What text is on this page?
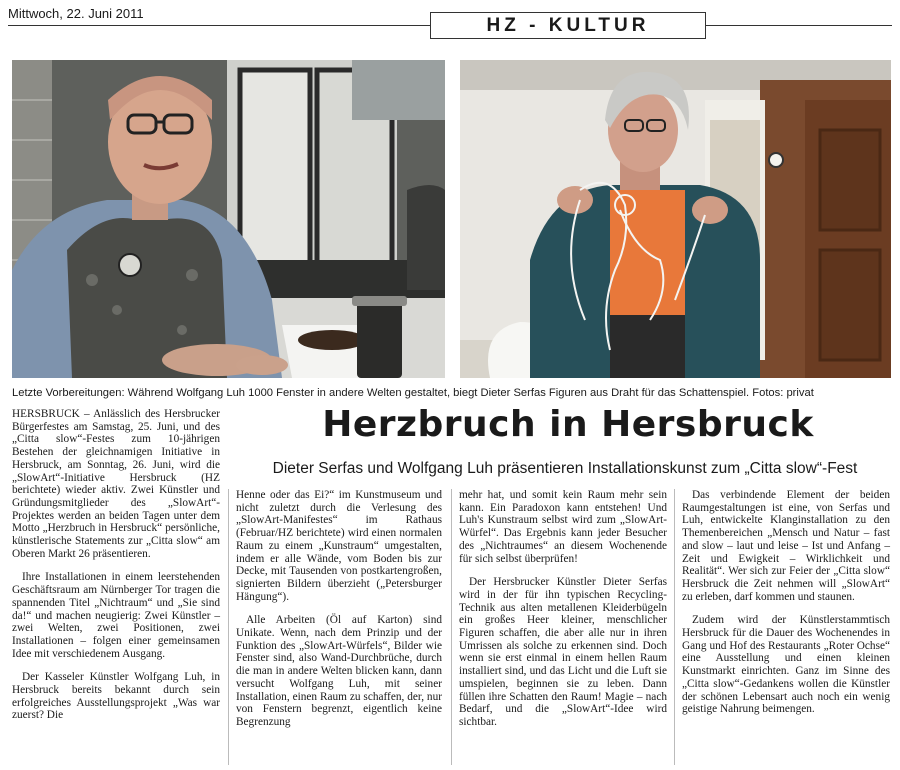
Mittwoch, 22. Juni 2011
HZ - KULTUR
Letzte Vorbereitungen: Während Wolfgang Luh 1000 Fenster in andere Welten gestaltet, biegt Dieter Serfas Figuren aus Draht für das Schattenspiel. Fotos: privat
Herzbruch in Hersbruck
Dieter Serfas und Wolfgang Luh präsentieren Installationskunst zum „Citta slow“-Fest

HERSBRUCK – Anlässlich des Hersbrucker Bürgerfestes am Samstag, 25. Juni, und des „Citta slow“-Festes zum 10-jährigen Bestehen der gleichnamigen Initiative in Hersbruck, am Sonntag, 26. Juni, wird die „SlowArt“-Initiative Hersbruck (HZ berichtete) wieder aktiv. Zwei Künstler und Gründungsmitglieder des „SlowArt“-Projektes werden an beiden Tagen unter dem Motto „Herzbruch in Hersbruck“ persönliche, künstlerische Statements zur „Citta slow“ am Oberen Markt 26 präsentieren.

Ihre Installationen in einem leerstehenden Geschäftsraum am Nürnberger Tor tragen die spannenden Titel „Nichtraum“ und „Sie sind da!“ und machen neugierig: Zwei Künstler – zwei Welten, zwei Positionen, zwei Installationen – folgen einer gemeinsamen Idee mit verschiedenem Ausgang.

Der Kasseler Künstler Wolfgang Luh, in Hersbruck bereits bekannt durch sein erfolgreiches Ausstellungsprojekt „Was war zuerst? Die

Henne oder das Ei?“ im Kunstmuseum und nicht zuletzt durch die Verlesung des „SlowArt-Manifestes“ im Rathaus (Februar/HZ berichtete) wird einen normalen Raum zu einem „Kunstraum“ umgestalten, indem er alle Wände, vom Boden bis zur Decke, mit Tausenden von postkartengroßen, signierten Bildern überzieht („Petersburger Hängung“).

Alle Arbeiten (Öl auf Karton) sind Unikate. Wenn, nach dem Prinzip und der Funktion des „SlowArt-Würfels“, Bilder wie Fenster sind, also Wand-Durchbrüche, durch die man in andere Welten blicken kann, dann versucht Wolfgang Luh, mit seiner Installation, einen Raum zu schaffen, der, nur von Fenstern begrenzt, eigentlich keine Begrenzung

mehr hat, und somit kein Raum mehr sein kann. Ein Paradoxon kann entstehen! Und Luh's Kunstraum selbst wird zum „SlowArt-Würfel“. Das Ergebnis kann jeder Besucher des „Nichtraumes“ an diesem Wochenende für sich selbst überprüfen!

Der Hersbrucker Künstler Dieter Serfas wird in der für ihn typischen Recycling-Technik aus alten metallenen Kleiderbügeln ein großes Heer kleiner, menschlicher Figuren schaffen, die aber alle nur in ihren Umrissen als solche zu erkennen sind. Doch wenn sie erst einmal in einem hellen Raum installiert sind, und das Licht und die Luft sie umspielen, beginnen sie zu leben. Dann füllen ihre Schatten den Raum! Magie – nach Bedarf, und die „SlowArt“-Idee wird sichtbar.

Das verbindende Element der beiden Raumgestaltungen ist eine, von Serfas und Luh, entwickelte Klanginstallation zu den Themenbereichen „Mensch und Natur – fast and slow – laut und leise – Ist und Anfang – Zeit und Ewigkeit – Wirklichkeit und Realität“. Wer sich zur Feier der „Citta slow“ Hersbruck die Zeit nehmen will „SlowArt“ zu erleben, darf kommen und staunen.

Zudem wird der Künstlerstammtisch Hersbruck für die Dauer des Wochenendes in Gang und Hof des Restaurants „Roter Ochse“ eine Ausstellung und einen kleinen Kunstmarkt einrichten. Ganz im Sinne des „Citta slow“-Gedankens wollen die Künstler der schönen Lebensart auch noch ein wenig geistige Nahrung beimengen.
